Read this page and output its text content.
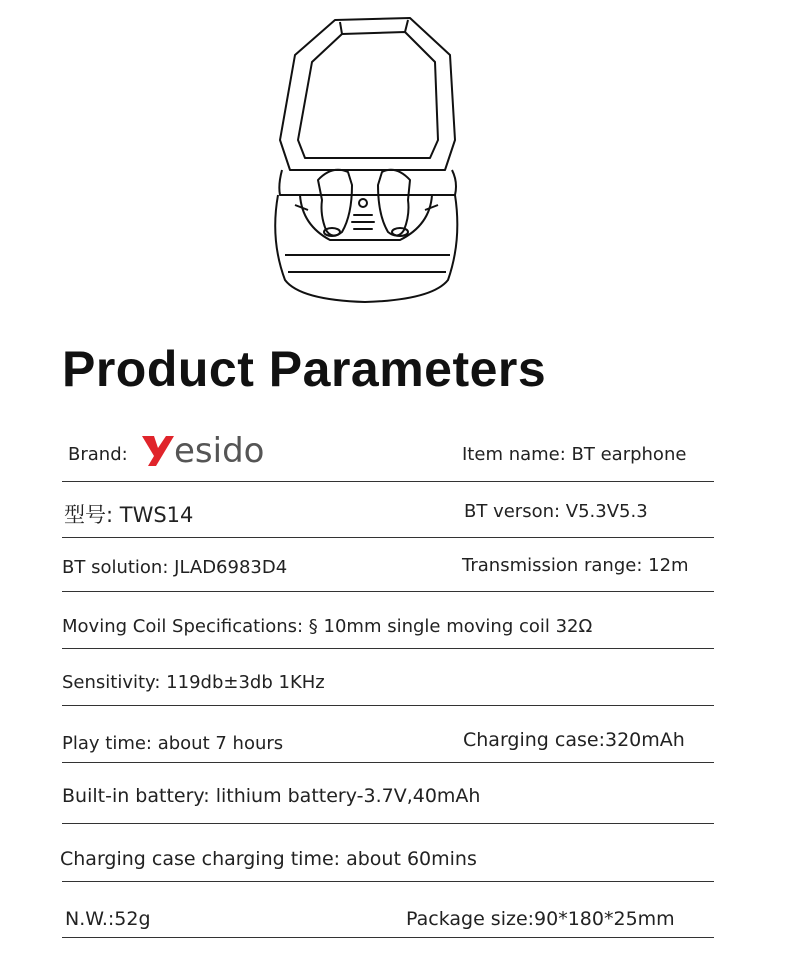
Product Parameters
Brand: esido	Item name: BT earphone
型号: TWS14	BT verson: V5.3V5.3
BT solution: JLAD6983D4	Transmission range: 12m
Moving Coil Specifications: § 10mm single moving coil 32Ω
Sensitivity: 119db±3db 1KHz
Play time: about 7 hours	Charging case:320mAh
Built-in battery: lithium battery-3.7V,40mAh
Charging case charging time: about 60mins
N.W.:52g	Package size:90*180*25mm
